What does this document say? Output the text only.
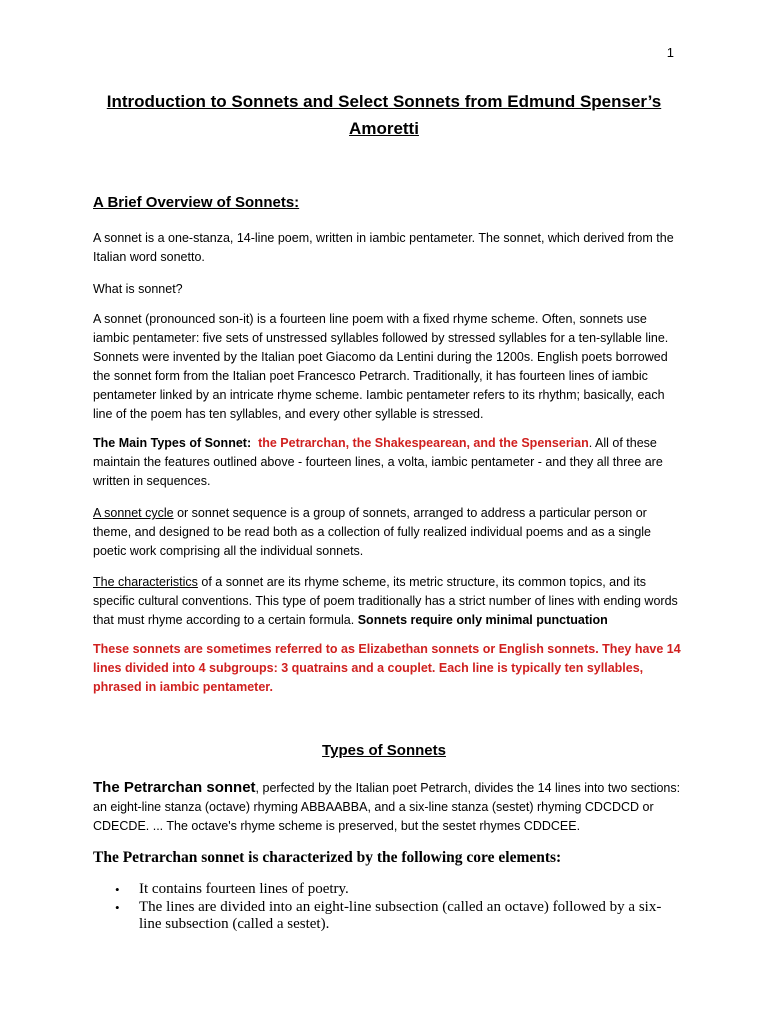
1
Introduction to Sonnets and Select Sonnets from Edmund Spenser’s Amoretti
A Brief Overview of Sonnets:

A sonnet is a one-stanza, 14-line poem, written in iambic pentameter. The sonnet, which derived from the Italian word sonetto.

What is sonnet?

A sonnet (pronounced son-it) is a fourteen line poem with a fixed rhyme scheme. Often, sonnets use iambic pentameter: five sets of unstressed syllables followed by stressed syllables for a ten-syllable line. Sonnets were invented by the Italian poet Giacomo da Lentini during the 1200s. English poets borrowed the sonnet form from the Italian poet Francesco Petrarch. Traditionally, it has fourteen lines of iambic pentameter linked by an intricate rhyme scheme. Iambic pentameter refers to its rhythm; basically, each line of the poem has ten syllables, and every other syllable is stressed.

The Main Types of Sonnet: the Petrarchan, the Shakespearean, and the Spenserian. All of these maintain the features outlined above - fourteen lines, a volta, iambic pentameter - and they all three are written in sequences.

A sonnet cycle or sonnet sequence is a group of sonnets, arranged to address a particular person or theme, and designed to be read both as a collection of fully realized individual poems and as a single poetic work comprising all the individual sonnets.

The characteristics of a sonnet are its rhyme scheme, its metric structure, its common topics, and its specific cultural conventions. This type of poem traditionally has a strict number of lines with ending words that must rhyme according to a certain formula. Sonnets require only minimal punctuation

These sonnets are sometimes referred to as Elizabethan sonnets or English sonnets. They have 14 lines divided into 4 subgroups: 3 quatrains and a couplet. Each line is typically ten syllables, phrased in iambic pentameter.

Types of Sonnets

The Petrarchan sonnet, perfected by the Italian poet Petrarch, divides the 14 lines into two sections: an eight-line stanza (octave) rhyming ABBAABBA, and a six-line stanza (sestet) rhyming CDCDCD or CDECDE. ... The octave's rhyme scheme is preserved, but the sestet rhymes CDDCEE.

The Petrarchan sonnet is characterized by the following core elements:
• It contains fourteen lines of poetry.
• The lines are divided into an eight-line subsection (called an octave) followed by a six-line subsection (called a sestet).
